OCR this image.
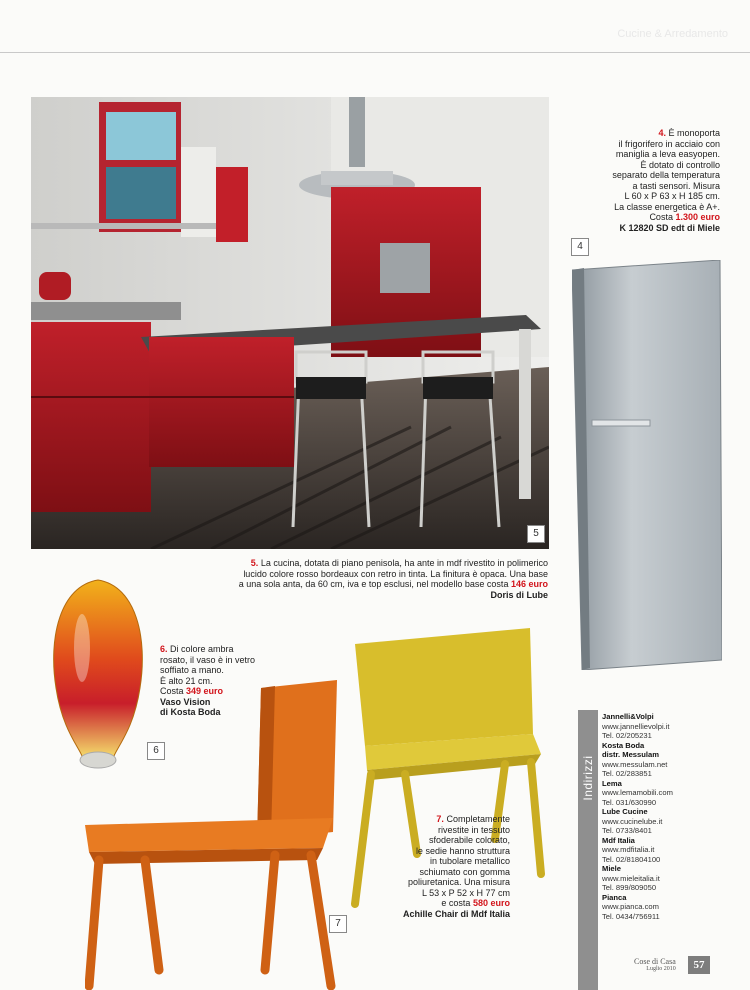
Cucine & Arredamento
5
4. È monoporta
il frigorifero in acciaio con
maniglia a leva easyopen.
È dotato di controllo
separato della temperatura
a tasti sensori. Misura
L 60 x P 63 x H 185 cm.
La classe energetica è A+.
Costa 1.300 euro
K 12820 SD edt di Miele
4
5. La cucina, dotata di piano penisola, ha ante in mdf rivestito in polimerico
lucido colore rosso bordeaux con retro in tinta. La finitura è opaca. Una base
a una sola anta, da 60 cm, iva e top esclusi, nel modello base costa 146 euro
Doris di Lube
6. Di colore ambra
rosato, il vaso è in vetro
soffiato a mano.
È alto 21 cm.
Costa 349 euro
Vaso Vision
di Kosta Boda
6
7. Completamente
rivestite in tessuto
sfoderabile colorato,
le sedie hanno struttura
in tubolare metallico
schiumato con gomma
poliuretanica. Una misura
L 53 x P 52 x H 77 cm
e costa 580 euro
Achille Chair di Mdf Italia
7
Indirizzi
Jannelli&Volpi
www.jannellievolpi.it
Tel. 02/205231
Kosta Boda
distr. Messulam
www.messulam.net
Tel. 02/283851
Lema
www.lemamobili.com
Tel. 031/630990
Lube Cucine
www.cucinelube.it
Tel. 0733/8401
Mdf Italia
www.mdfitalia.it
Tel. 02/81804100
Miele
www.mieleitalia.it
Tel. 899/809050
Pianca
www.pianca.com
Tel. 0434/756911
Cose di Casa
Luglio 2010	57
